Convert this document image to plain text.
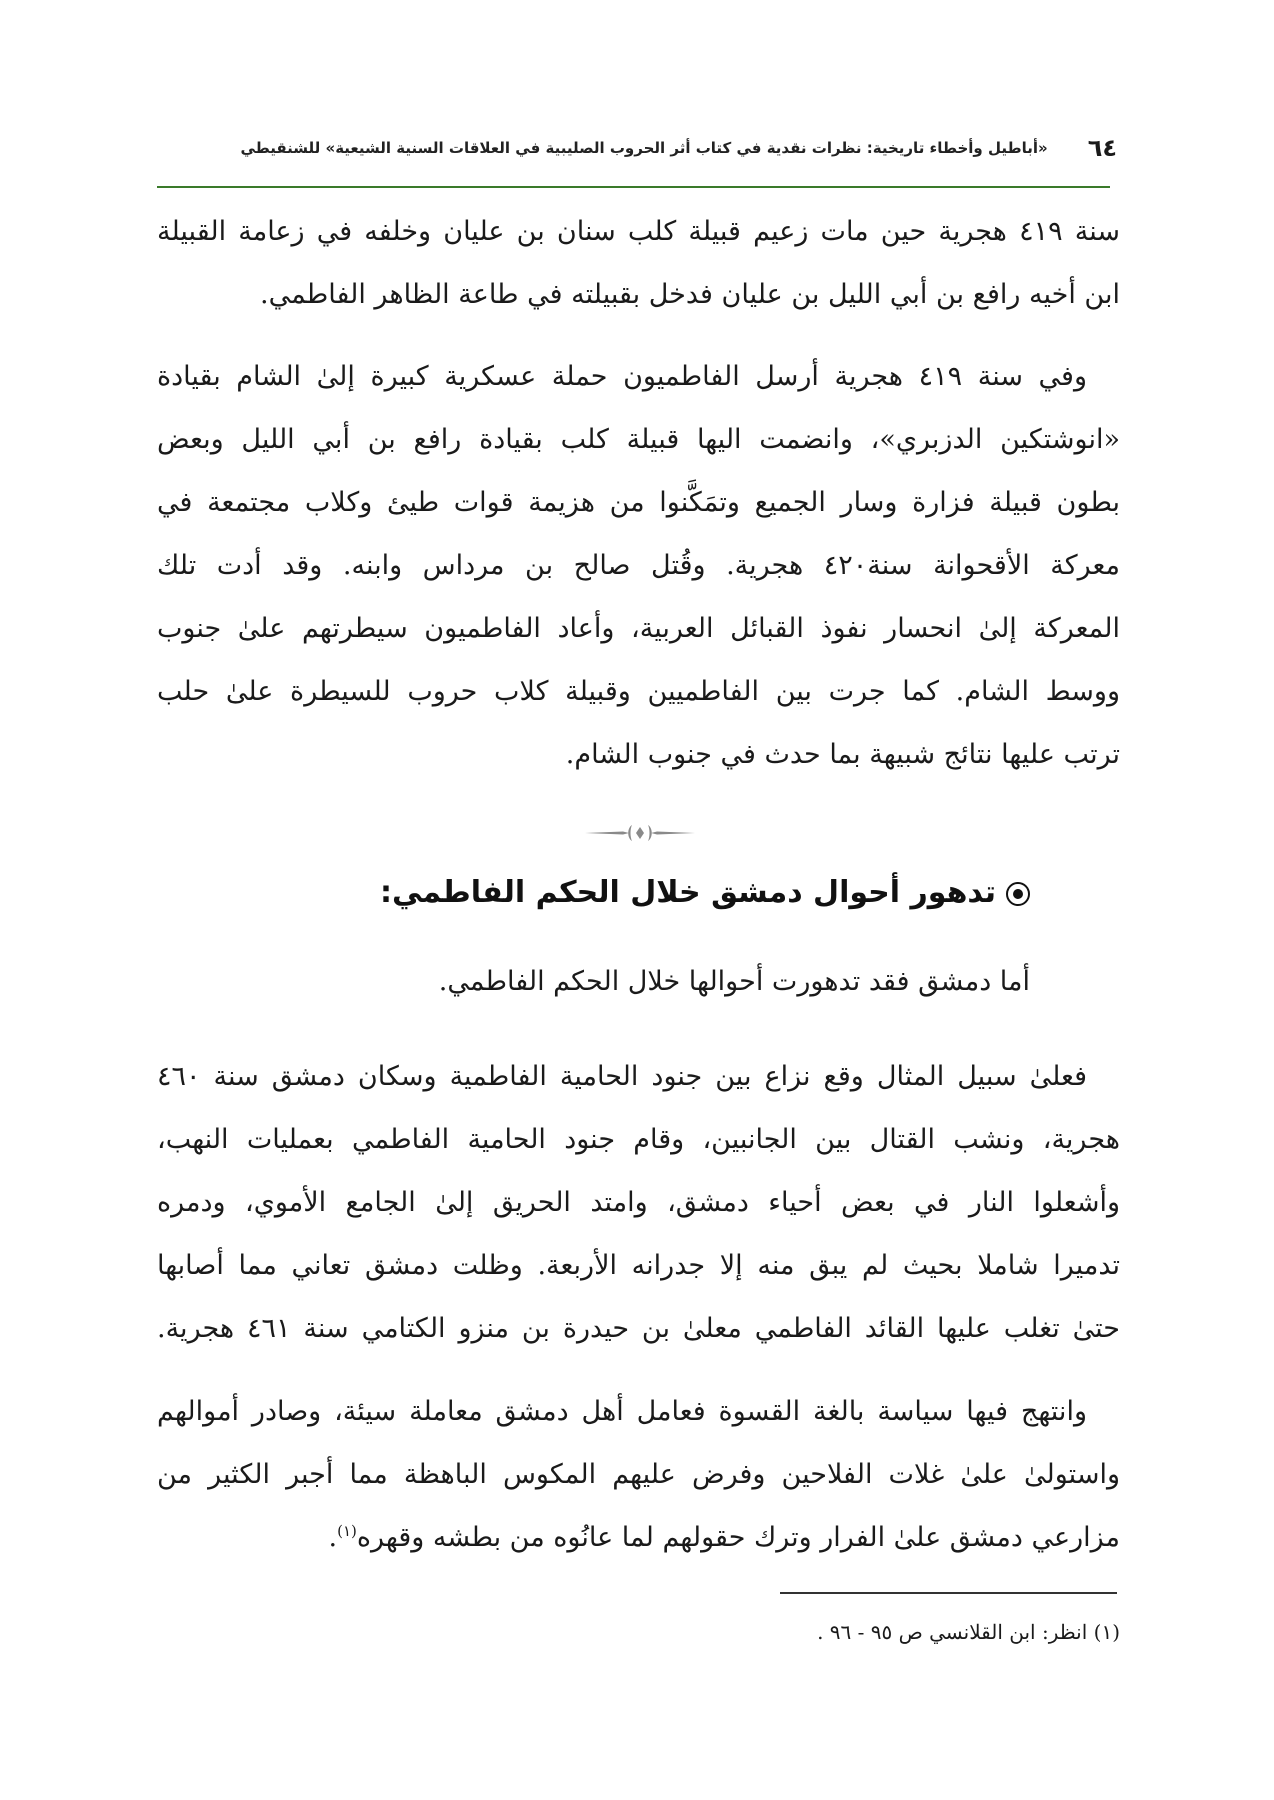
٦٤
«أباطيل وأخطاء تاريخية: نظرات نقدية في كتاب أثر الحروب الصليبية في العلاقات السنية الشيعية» للشنقيطي
سنة ٤١٩ هجرية حين مات زعيم قبيلة كلب سنان بن عليان وخلفه في زعامة القبيلة
ابن أخيه رافع بن أبي الليل بن عليان فدخل بقبيلته في طاعة الظاهر الفاطمي.
وفي سنة ٤١٩ هجرية أرسل الفاطميون حملة عسكرية كبيرة إلىٰ الشام بقيادة
«انوشتكين الدزبري»، وانضمت اليها قبيلة كلب بقيادة رافع بن أبي الليل وبعض
بطون قبيلة فزارة وسار الجميع وتمَكَّنوا من هزيمة قوات طيئ وكلاب مجتمعة في
معركة الأقحوانة سنة٤٢٠ هجرية. وقُتل صالح بن مرداس وابنه. وقد أدت تلك
المعركة إلىٰ انحسار نفوذ القبائل العربية، وأعاد الفاطميون سيطرتهم علىٰ جنوب
ووسط الشام. كما جرت بين الفاطميين وقبيلة كلاب حروب للسيطرة علىٰ حلب
ترتب عليها نتائج شبيهة بما حدث في جنوب الشام.
تدهور أحوال دمشق خلال الحكم الفاطمي:
أما دمشق فقد تدهورت أحوالها خلال الحكم الفاطمي.
فعلىٰ سبيل المثال وقع نزاع بين جنود الحامية الفاطمية وسكان دمشق سنة ٤٦٠
هجرية، ونشب القتال بين الجانبين، وقام جنود الحامية الفاطمي بعمليات النهب،
وأشعلوا النار في بعض أحياء دمشق، وامتد الحريق إلىٰ الجامع الأموي، ودمره
تدميرا شاملا بحيث لم يبق منه إلا جدرانه الأربعة. وظلت دمشق تعاني مما أصابها
حتىٰ تغلب عليها القائد الفاطمي معلىٰ بن حيدرة بن منزو الكتامي سنة ٤٦١ هجرية.
وانتهج فيها سياسة بالغة القسوة فعامل أهل دمشق معاملة سيئة، وصادر أموالهم
واستولىٰ علىٰ غلات الفلاحين وفرض عليهم المكوس الباهظة مما أجبر الكثير من
مزارعي دمشق علىٰ الفرار وترك حقولهم لما عانُوه من بطشه وقهره$^{(١)}$.
(١) انظر: ابن القلانسي ص ٩٥ - ٩٦ .
